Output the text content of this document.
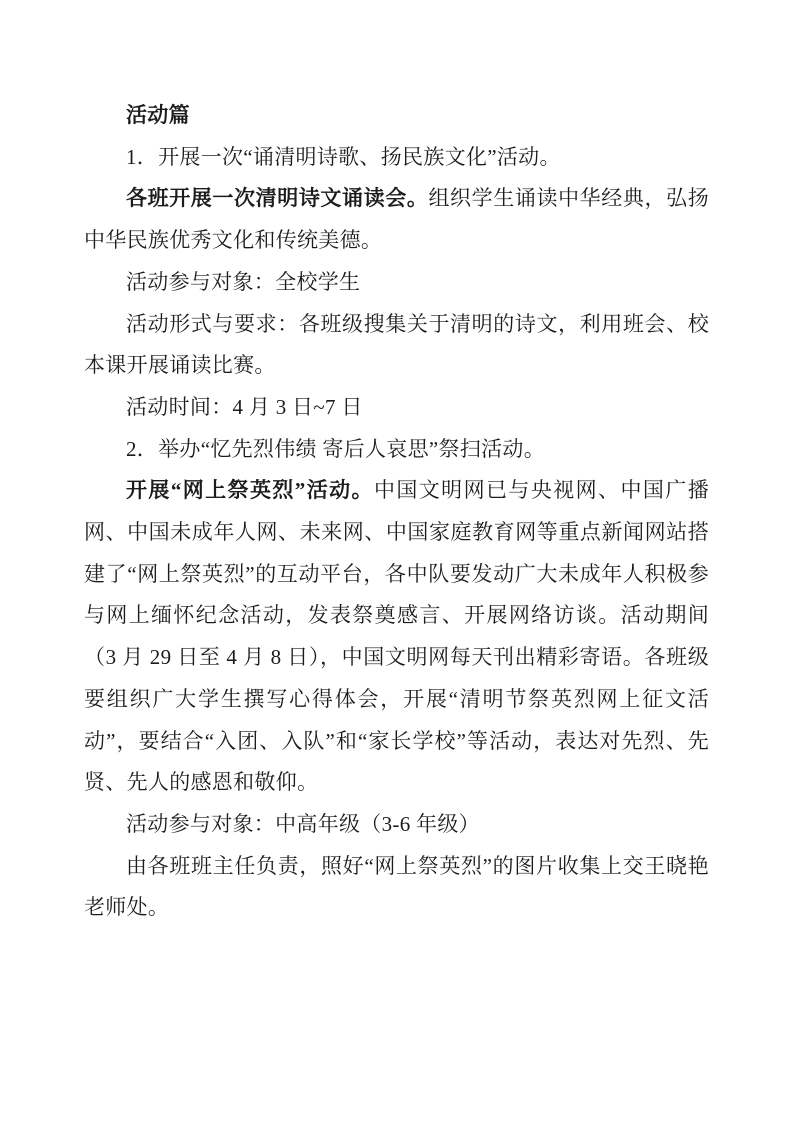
活动篇

1．开展一次“诵清明诗歌、扬民族文化”活动。

各班开展一次清明诗文诵读会。组织学生诵读中华经典，弘扬中华民族优秀文化和传统美德。

活动参与对象：全校学生

活动形式与要求：各班级搜集关于清明的诗文，利用班会、校本课开展诵读比赛。

活动时间：4 月 3 日~7 日

2．举办“忆先烈伟绩 寄后人哀思”祭扫活动。

开展“网上祭英烈”活动。中国文明网已与央视网、中国广播网、中国未成年人网、未来网、中国家庭教育网等重点新闻网站搭建了“网上祭英烈”的互动平台，各中队要发动广大未成年人积极参与网上缅怀纪念活动，发表祭奠感言、开展网络访谈。活动期间（3 月 29 日至 4 月 8 日），中国文明网每天刊出精彩寄语。各班级要组织广大学生撰写心得体会，开展“清明节祭英烈网上征文活动”，要结合“入团、入队”和“家长学校”等活动，表达对先烈、先贤、先人的感恩和敬仰。

活动参与对象：中高年级（3-6 年级）

由各班班主任负责，照好“网上祭英烈”的图片收集上交王晓艳老师处。
